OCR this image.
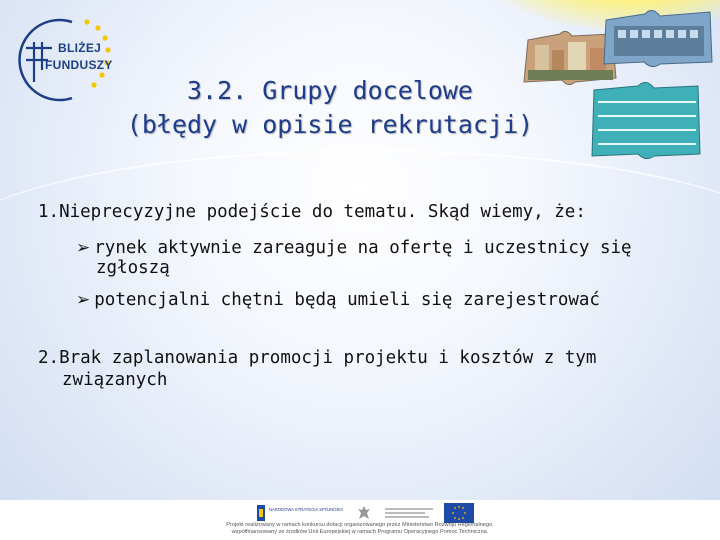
BLIŻEJ
FUNDUSZY
3.2. Grupy docelowe
(błędy w opisie rekrutacji)
1.Nieprecyzyjne podejście do tematu. Skąd wiemy, że:
➢ rynek aktywnie zareaguje na ofertę i uczestnicy się
zgłoszą
➢ potencjalni chętni będą umieli się zarejestrować
2.Brak zaplanowania promocji projektu i kosztów z tym
związanych
NARODOWA STRATEGIA SPÓJNOŚCI
Projekt realizowany w ramach konkursu dotacji organizowanego przez Ministerstwo Rozwoju Regionalnego,
współfinansowany ze środków Unii Europejskiej w ramach Programu Operacyjnego Pomoc Techniczna.
